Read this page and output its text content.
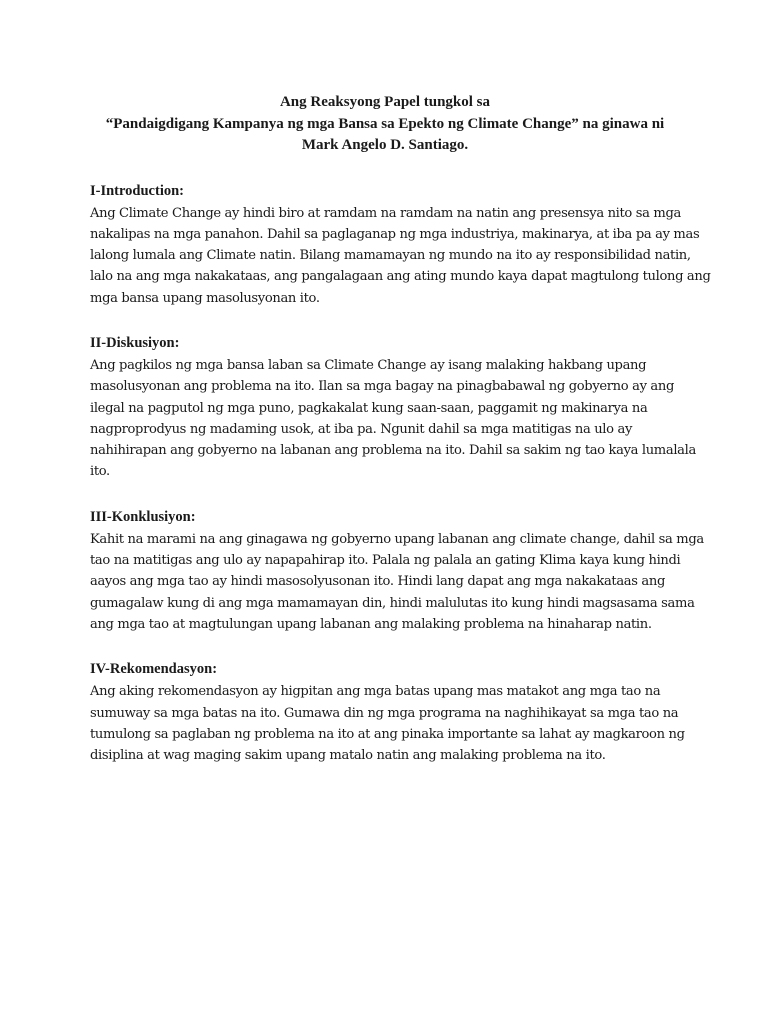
Ang Reaksyong Papel tungkol sa
“Pandaigdigang Kampanya ng mga Bansa sa Epekto ng Climate Change” na ginawa ni
Mark Angelo D. Santiago.
I-Introduction:
Ang Climate Change ay hindi biro at ramdam na ramdam na natin ang presensya nito sa mga
nakalipas na mga panahon. Dahil sa paglaganap ng mga industriya, makinarya, at iba pa ay mas
lalong lumala ang Climate natin. Bilang mamamayan ng mundo na ito ay responsibilidad natin,
lalo na ang mga nakakataas, ang pangalagaan ang ating mundo kaya dapat magtulong tulong ang
mga bansa upang masolusyonan ito.
II-Diskusiyon:
Ang pagkilos ng mga bansa laban sa Climate Change ay isang malaking hakbang upang
masolusyonan ang problema na ito. Ilan sa mga bagay na pinagbabawal ng gobyerno ay ang
ilegal na pagputol ng mga puno, pagkakalat kung saan-saan, paggamit ng makinarya na
nagproprodyus ng madaming usok, at iba pa. Ngunit dahil sa mga matitigas na ulo ay
nahihirapan ang gobyerno na labanan ang problema na ito. Dahil sa sakim ng tao kaya lumalala
ito.
III-Konklusiyon:
Kahit na marami na ang ginagawa ng gobyerno upang labanan ang climate change, dahil sa mga
tao na matitigas ang ulo ay napapahirap ito. Palala ng palala an gating Klima kaya kung hindi
aayos ang mga tao ay hindi masosolyusonan ito. Hindi lang dapat ang mga nakakataas ang
gumagalaw kung di ang mga mamamayan din, hindi malulutas ito kung hindi magsasama sama
ang mga tao at magtulungan upang labanan ang malaking problema na hinaharap natin.
IV-Rekomendasyon:
Ang aking rekomendasyon ay higpitan ang mga batas upang mas matakot ang mga tao na
sumuway sa mga batas na ito. Gumawa din ng mga programa na naghihikayat sa mga tao na
tumulong sa paglaban ng problema na ito at ang pinaka importante sa lahat ay magkaroon ng
disiplina at wag maging sakim upang matalo natin ang malaking problema na ito.
